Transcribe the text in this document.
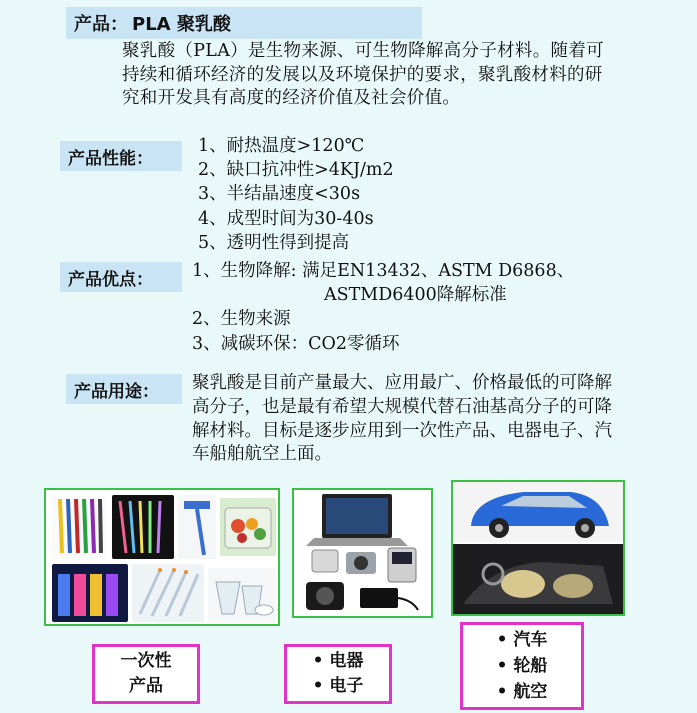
产品： PLA 聚乳酸

聚乳酸（PLA）是生物来源、可生物降解高分子材料。随着可持续和循环经济的发展以及环境保护的要求，聚乳酸材料的研究和开发具有高度的经济价值及社会价值。

产品性能：
1、耐热温度>120℃
2、缺口抗冲性>4KJ/m2
3、半结晶速度<30s
4、成型时间为30-40s
5、透明性得到提高
产品优点：	1、生物降解: 满足EN13432、ASTM D6868、
ASTMD6400降解标准
2、生物来源
3、减碳环保：CO2零循环
产品用途：	聚乳酸是目前产量最大、应用最广、价格最低的可降解高分子，也是最有希望大规模代替石油基高分子的可降解材料。目标是逐步应用到一次性产品、电器电子、汽车船舶航空上面。

一次性
产品
• 电器
• 电子
• 汽车
• 轮船
• 航空
